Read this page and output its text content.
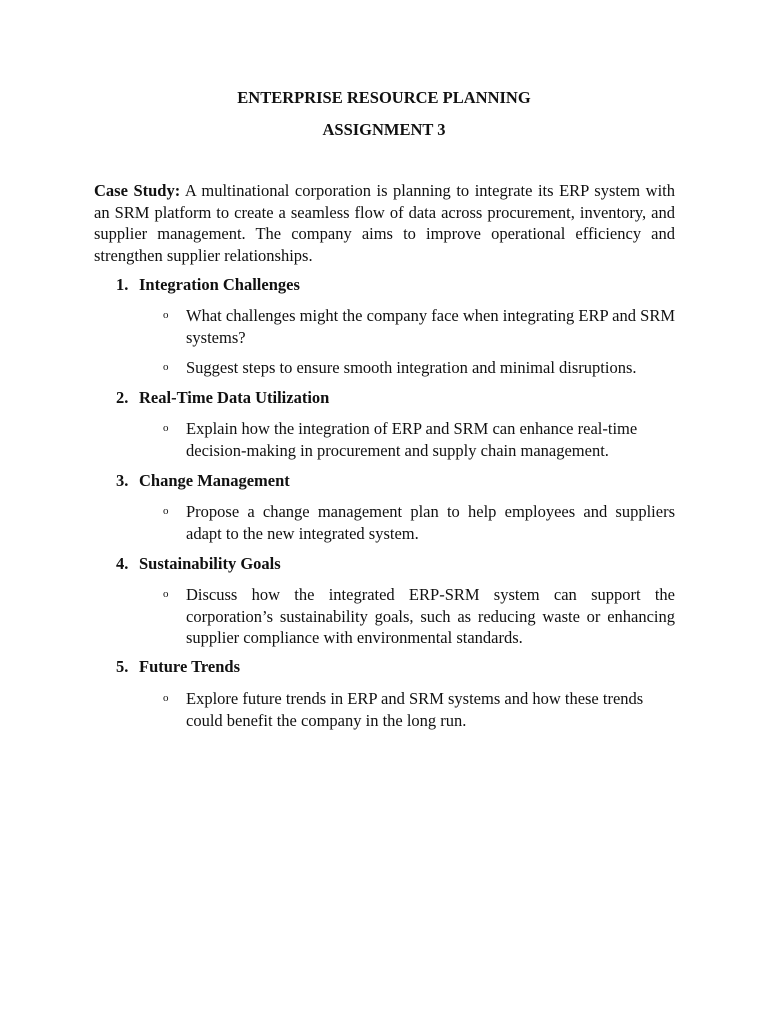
ENTERPRISE RESOURCE PLANNING
ASSIGNMENT 3
Case Study: A multinational corporation is planning to integrate its ERP system with an SRM platform to create a seamless flow of data across procurement, inventory, and supplier management. The company aims to improve operational efficiency and strengthen supplier relationships.
1. Integration Challenges
o What challenges might the company face when integrating ERP and SRM systems?
o Suggest steps to ensure smooth integration and minimal disruptions.
2. Real-Time Data Utilization
o Explain how the integration of ERP and SRM can enhance real-time decision-making in procurement and supply chain management.
3. Change Management
o Propose a change management plan to help employees and suppliers adapt to the new integrated system.
4. Sustainability Goals
o Discuss how the integrated ERP-SRM system can support the corporation’s sustainability goals, such as reducing waste or enhancing supplier compliance with environmental standards.
5. Future Trends
o Explore future trends in ERP and SRM systems and how these trends could benefit the company in the long run.
